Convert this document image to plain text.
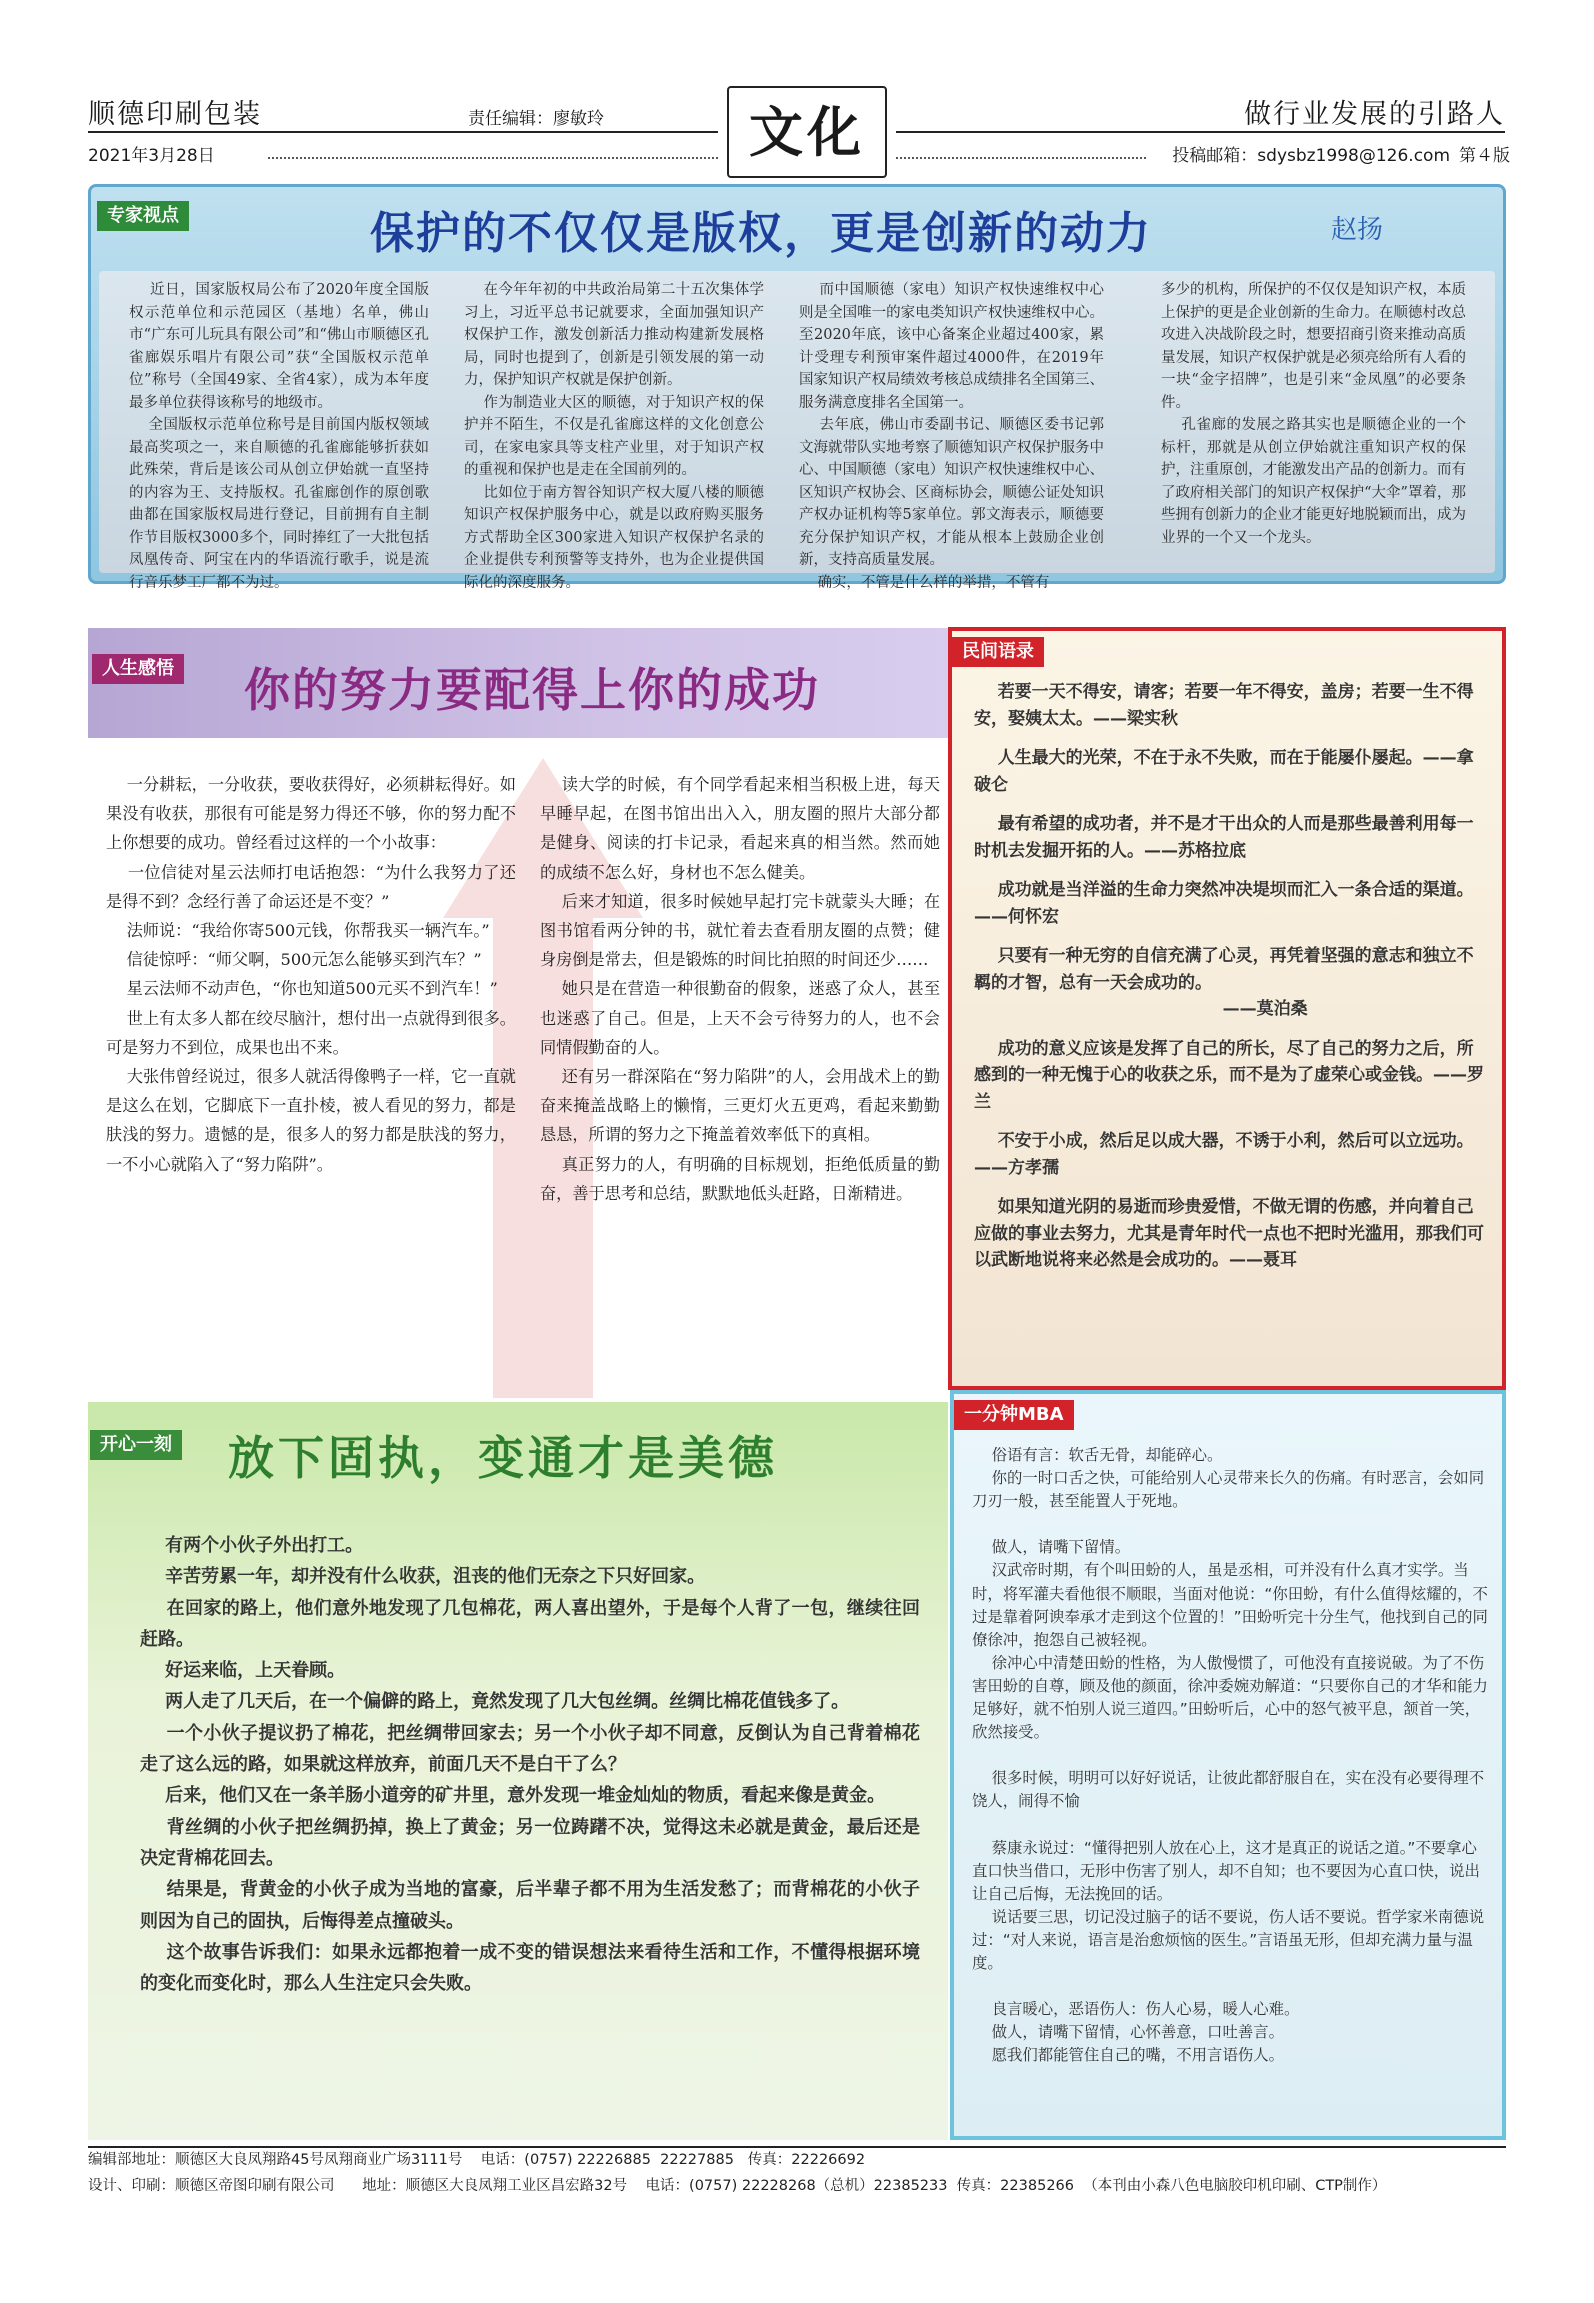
顺德印刷包装	责任编辑：廖敏玲
2021年3月28日	文化	做行业发展的引路人
投稿邮箱：sdysbz1998@126.com 第４版
专家视点	保护的不仅仅是版权，更是创新的动力	赵扬
近日，国家版权局公布了2020年度全国版权示范单位和示范园区（基地）名单，佛山市“广东可儿玩具有限公司”和“佛山市顺德区孔雀廊娱乐唱片有限公司”获“全国版权示范单位”称号（全国49家、全省4家），成为本年度最多单位获得该称号的地级市。
全国版权示范单位称号是目前国内版权领域最高奖项之一，来自顺德的孔雀廊能够折获如此殊荣，背后是该公司从创立伊始就一直坚持的内容为王、支持版权。孔雀廊创作的原创歌曲都在国家版权局进行登记，目前拥有自主制作节目版权3000多个，同时捧红了一大批包括凤凰传奇、阿宝在内的华语流行歌手，说是流行音乐梦工厂都不为过。
在今年年初的中共政治局第二十五次集体学习上，习近平总书记就要求，全面加强知识产权保护工作，激发创新活力推动构建新发展格局，同时也提到了，创新是引领发展的第一动力，保护知识产权就是保护创新。
作为制造业大区的顺德，对于知识产权的保护并不陌生，不仅是孔雀廊这样的文化创意公司，在家电家具等支柱产业里，对于知识产权的重视和保护也是走在全国前列的。
比如位于南方智谷知识产权大厦八楼的顺德知识产权保护服务中心，就是以政府购买服务方式帮助全区300家进入知识产权保护名录的企业提供专利预警等支持外，也为企业提供国际化的深度服务。
而中国顺德（家电）知识产权快速维权中心则是全国唯一的家电类知识产权快速维权中心。至2020年底，该中心备案企业超过400家，累计受理专利预审案件超过4000件，在2019年国家知识产权局绩效考核总成绩排名全国第三、服务满意度排名全国第一。
去年底，佛山市委副书记、顺德区委书记郭文海就带队实地考察了顺德知识产权保护服务中心、中国顺德（家电）知识产权快速维权中心、区知识产权协会、区商标协会，顺德公证处知识产权办证机构等5家单位。郭文海表示，顺德要充分保护知识产权，才能从根本上鼓励企业创新，支持高质量发展。
确实，不管是什么样的举措，不管有
多少的机构，所保护的不仅仅是知识产权，本质上保护的更是企业创新的生命力。在顺德村改总攻进入决战阶段之时，想要招商引资来推动高质量发展，知识产权保护就是必须亮给所有人看的一块“金字招牌”，也是引来“金凤凰”的必要条件。
孔雀廊的发展之路其实也是顺德企业的一个标杆，那就是从创立伊始就注重知识产权的保护，注重原创，才能激发出产品的创新力。而有了政府相关部门的知识产权保护“大伞”罩着，那些拥有创新力的企业才能更好地脱颖而出，成为业界的一个又一个龙头。
人生感悟 你的努力要配得上你的成功
一分耕耘，一分收获，要收获得好，必须耕耘得好。如果没有收获，那很有可能是努力得还不够，你的努力配不上你想要的成功。曾经看过这样的一个小故事：
一位信徒对星云法师打电话抱怨：“为什么我努力了还是得不到？念经行善了命运还是不变？”
法师说：“我给你寄500元钱，你帮我买一辆汽车。”
信徒惊呼：“师父啊，500元怎么能够买到汽车？”
星云法师不动声色，“你也知道500元买不到汽车！”
世上有太多人都在绞尽脑汁，想付出一点就得到很多。可是努力不到位，成果也出不来。
大张伟曾经说过，很多人就活得像鸭子一样，它一直就是这么在划，它脚底下一直扑棱，被人看见的努力，都是肤浅的努力。遗憾的是，很多人的努力都是肤浅的努力，一不小心就陷入了“努力陷阱”。
读大学的时候，有个同学看起来相当积极上进，每天早睡早起，在图书馆出出入入，朋友圈的照片大部分都是健身、阅读的打卡记录，看起来真的相当然。然而她的成绩不怎么好，身材也不怎么健美。
后来才知道，很多时候她早起打完卡就蒙头大睡；在图书馆看两分钟的书，就忙着去查看朋友圈的点赞；健身房倒是常去，但是锻炼的时间比拍照的时间还少……
她只是在营造一种很勤奋的假象，迷惑了众人，甚至也迷惑了自己。但是，上天不会亏待努力的人，也不会同情假勤奋的人。
还有另一群深陷在“努力陷阱”的人，会用战术上的勤奋来掩盖战略上的懒惰，三更灯火五更鸡，看起来勤勤恳恳，所谓的努力之下掩盖着效率低下的真相。
真正努力的人，有明确的目标规划，拒绝低质量的勤奋，善于思考和总结，默默地低头赶路，日渐精进。
民间语录
若要一天不得安，请客；若要一年不得安，盖房；若要一生不得安，娶姨太太。——梁实秋
人生最大的光荣，不在于永不失败，而在于能屡仆屡起。——拿破仑
最有希望的成功者，并不是才干出众的人而是那些最善利用每一时机去发掘开拓的人。——苏格拉底
成功就是当洋溢的生命力突然冲决堤坝而汇入一条合适的渠道。——何怀宏
只要有一种无穷的自信充满了心灵，再凭着坚强的意志和独立不羁的才智，总有一天会成功的。
——莫泊桑
成功的意义应该是发挥了自己的所长，尽了自己的努力之后，所感到的一种无愧于心的收获之乐，而不是为了虚荣心或金钱。——罗兰
不安于小成，然后足以成大器，不诱于小利，然后可以立远功。——方孝孺
如果知道光阴的易逝而珍贵爱惜，不做无谓的伤感，并向着自己应做的事业去努力，尤其是青年时代一点也不把时光滥用，那我们可以武断地说将来必然是会成功的。——聂耳
开心一刻 放下固执，变通才是美德
有两个小伙子外出打工。
辛苦劳累一年，却并没有什么收获，沮丧的他们无奈之下只好回家。
在回家的路上，他们意外地发现了几包棉花，两人喜出望外，于是每个人背了一包，继续往回赶路。
好运来临，上天眷顾。
两人走了几天后，在一个偏僻的路上，竟然发现了几大包丝绸。丝绸比棉花值钱多了。
一个小伙子提议扔了棉花，把丝绸带回家去；另一个小伙子却不同意，反倒认为自己背着棉花走了这么远的路，如果就这样放弃，前面几天不是白干了么？
后来，他们又在一条羊肠小道旁的矿井里，意外发现一堆金灿灿的物质，看起来像是黄金。
背丝绸的小伙子把丝绸扔掉，换上了黄金；另一位踌躇不决，觉得这未必就是黄金，最后还是决定背棉花回去。
结果是，背黄金的小伙子成为当地的富豪，后半辈子都不用为生活发愁了；而背棉花的小伙子则因为自己的固执，后悔得差点撞破头。
这个故事告诉我们：如果永远都抱着一成不变的错误想法来看待生活和工作，不懂得根据环境的变化而变化时，那么人生注定只会失败。
一分钟MBA
俗语有言：软舌无骨，却能碎心。
你的一时口舌之快，可能给别人心灵带来长久的伤痛。有时恶言，会如同刀刃一般，甚至能置人于死地。

做人，请嘴下留情。
汉武帝时期，有个叫田蚡的人，虽是丞相，可并没有什么真才实学。当时，将军灌夫看他很不顺眼，当面对他说：“你田蚡，有什么值得炫耀的，不过是靠着阿谀奉承才走到这个位置的！”田蚡听完十分生气，他找到自己的同僚徐冲，抱怨自己被轻视。
徐冲心中清楚田蚡的性格，为人傲慢惯了，可他没有直接说破。为了不伤害田蚡的自尊，顾及他的颜面，徐冲委婉劝解道：“只要你自己的才华和能力足够好，就不怕别人说三道四。”田蚡听后，心中的怒气被平息，颔首一笑，欣然接受。

很多时候，明明可以好好说话，让彼此都舒服自在，实在没有必要得理不饶人，闹得不愉

蔡康永说过：“懂得把别人放在心上，这才是真正的说话之道。”不要拿心直口快当借口，无形中伤害了别人，却不自知；也不要因为心直口快，说出让自己后悔，无法挽回的话。
说话要三思，切记没过脑子的话不要说，伤人话不要说。哲学家米南德说过：“对人来说，语言是治愈烦恼的医生。”言语虽无形，但却充满力量与温度。

良言暖心，恶语伤人：伤人心易，暖人心难。
做人，请嘴下留情，心怀善意，口吐善言。
愿我们都能管住自己的嘴，不用言语伤人。
编辑部地址：顺德区大良凤翔路45号凤翔商业广场3111号    电话：(0757) 22226885  22227885   传真：22226692
设计、印刷：顺德区帝图印刷有限公司      地址：顺德区大良凤翔工业区昌宏路32号    电话：(0757) 22228268（总机）22385233  传真：22385266  （本刊由小森八色电脑胶印机印刷、CTP制作）
